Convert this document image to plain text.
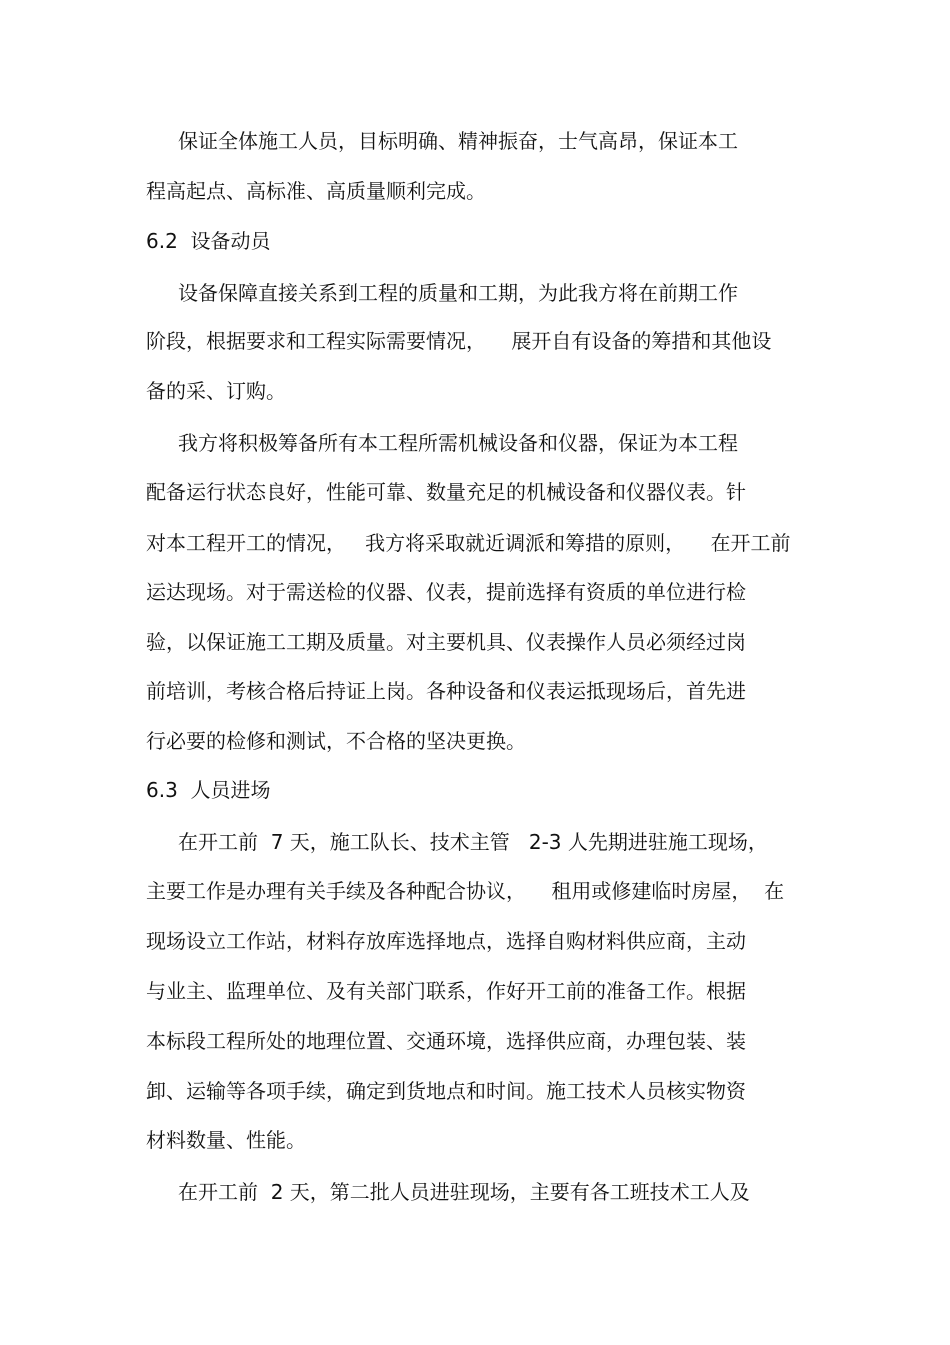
保证全体施工人员，目标明确、精神振奋，士气高昂，保证本工
程高起点、高标准、高质量顺利完成。
6.2  设备动员
设备保障直接关系到工程的质量和工期，为此我方将在前期工作
阶段，根据要求和工程实际需要情况，    展开自有设备的筹措和其他设
备的采、订购。
我方将积极筹备所有本工程所需机械设备和仪器，保证为本工程
配备运行状态良好，性能可靠、数量充足的机械设备和仪器仪表。针
对本工程开工的情况，   我方将采取就近调派和筹措的原则，    在开工前
运达现场。对于需送检的仪器、仪表，提前选择有资质的单位进行检
验，以保证施工工期及质量。对主要机具、仪表操作人员必须经过岗
前培训，考核合格后持证上岗。各种设备和仪表运抵现场后，首先进
行必要的检修和测试，不合格的坚决更换。
6.3  人员进场
在开工前  7 天，施工队长、技术主管   2-3 人先期进驻施工现场，
主要工作是办理有关手续及各种配合协议，    租用或修建临时房屋，  在
现场设立工作站，材料存放库选择地点，选择自购材料供应商，主动
与业主、监理单位、及有关部门联系，作好开工前的准备工作。根据
本标段工程所处的地理位置、交通环境，选择供应商，办理包装、装
卸、运输等各项手续，确定到货地点和时间。施工技术人员核实物资
材料数量、性能。
在开工前  2 天，第二批人员进驻现场，主要有各工班技术工人及
